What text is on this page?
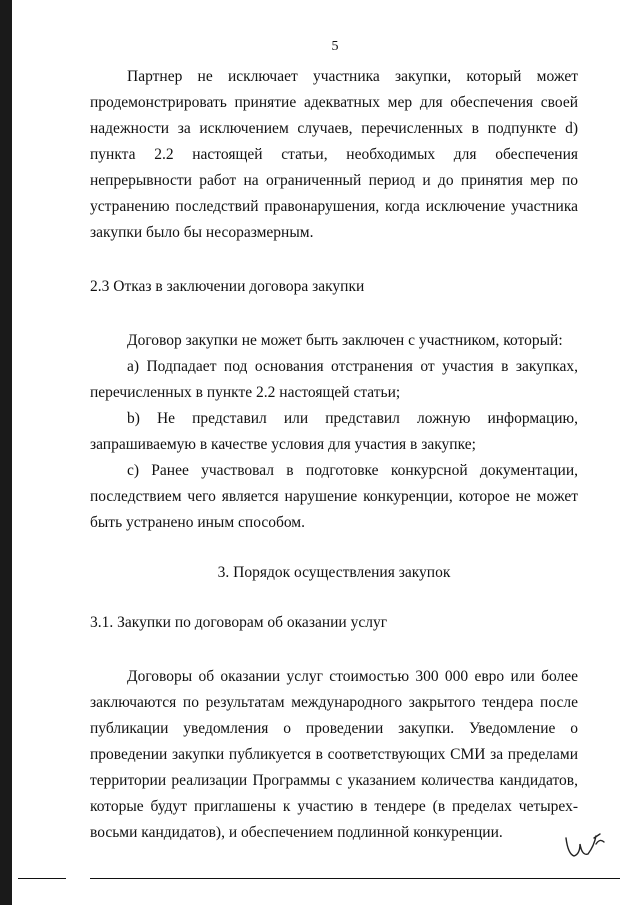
5

Партнер не исключает участника закупки, который может продемонстрировать принятие адекватных мер для обеспечения своей надежности за исключением случаев, перечисленных в подпункте d) пункта 2.2 настоящей статьи, необходимых для обеспечения непрерывности работ на ограниченный период и до принятия мер по устранению последствий правонарушения, когда исключение участника закупки было бы несоразмерным.

2.3 Отказ в заключении договора закупки

Договор закупки не может быть заключен с участником, который:

a) Подпадает под основания отстранения от участия в закупках, перечисленных в пункте 2.2 настоящей статьи;

b) Не представил или представил ложную информацию, запрашиваемую в качестве условия для участия в закупке;

c) Ранее участвовал в подготовке конкурсной документации, последствием чего является нарушение конкуренции, которое не может быть устранено иным способом.

3. Порядок осуществления закупок

3.1. Закупки по договорам об оказании услуг

Договоры об оказании услуг стоимостью 300 000 евро или более заключаются по результатам международного закрытого тендера после публикации уведомления о проведении закупки. Уведомление о проведении закупки публикуется в соответствующих СМИ за пределами территории реализации Программы с указанием количества кандидатов, которые будут приглашены к участию в тендере (в пределах четырех-восьми кандидатов), и обеспечением подлинной конкуренции.
